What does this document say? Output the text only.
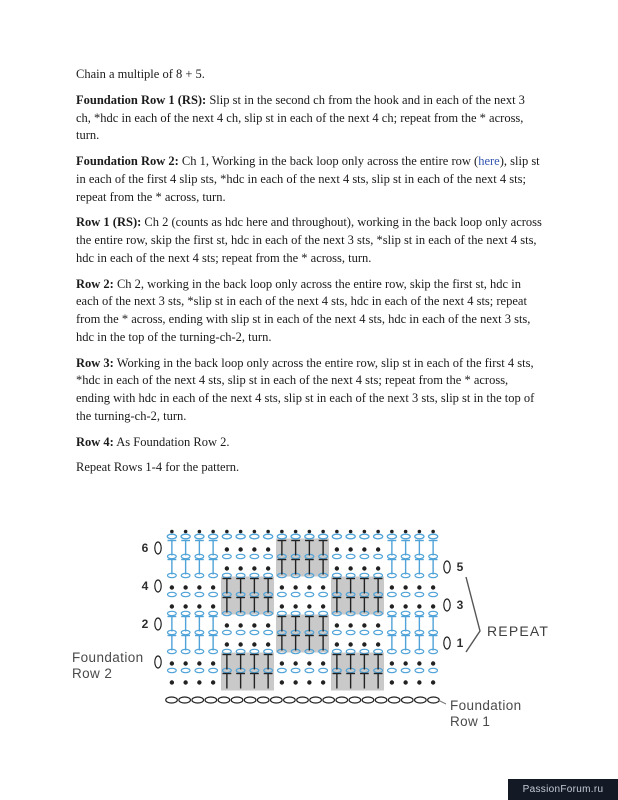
Chain a multiple of 8 + 5.

Foundation Row 1 (RS): Slip st in the second ch from the hook and in each of the next 3 ch, *hdc in each of the next 4 ch, slip st in each of the next 4 ch; repeat from the * across, turn.

Foundation Row 2: Ch 1, Working in the back loop only across the entire row (here), slip st in each of the first 4 slip sts, *hdc in each of the next 4 sts, slip st in each of the next 4 sts; repeat from the * across, turn.

Row 1 (RS): Ch 2 (counts as hdc here and throughout), working in the back loop only across the entire row, skip the first st, hdc in each of the next 3 sts, *slip st in each of the next 4 sts, hdc in each of the next 4 sts; repeat from the * across, turn.

Row 2: Ch 2, working in the back loop only across the entire row, skip the first st, hdc in each of the next 3 sts, *slip st in each of the next 4 sts, hdc in each of the next 4 sts; repeat from the * across, ending with slip st in each of the next 4 sts, hdc in each of the next 3 sts, hdc in the top of the turning-ch-2, turn.

Row 3: Working in the back loop only across the entire row, slip st in each of the first 4 sts, *hdc in each of the next 4 sts, slip st in each of the next 4 sts; repeat from the * across, ending with hdc in each of the next 4 sts, slip st in each of the next 3 sts, slip st in the top of the turning-ch-2, turn.

Row 4: As Foundation Row 2.

Repeat Rows 1-4 for the pattern.

6
5
4
3
2
1
REPEAT
Foundation
Row 2
Foundation
Row 1
PassionForum.ru
